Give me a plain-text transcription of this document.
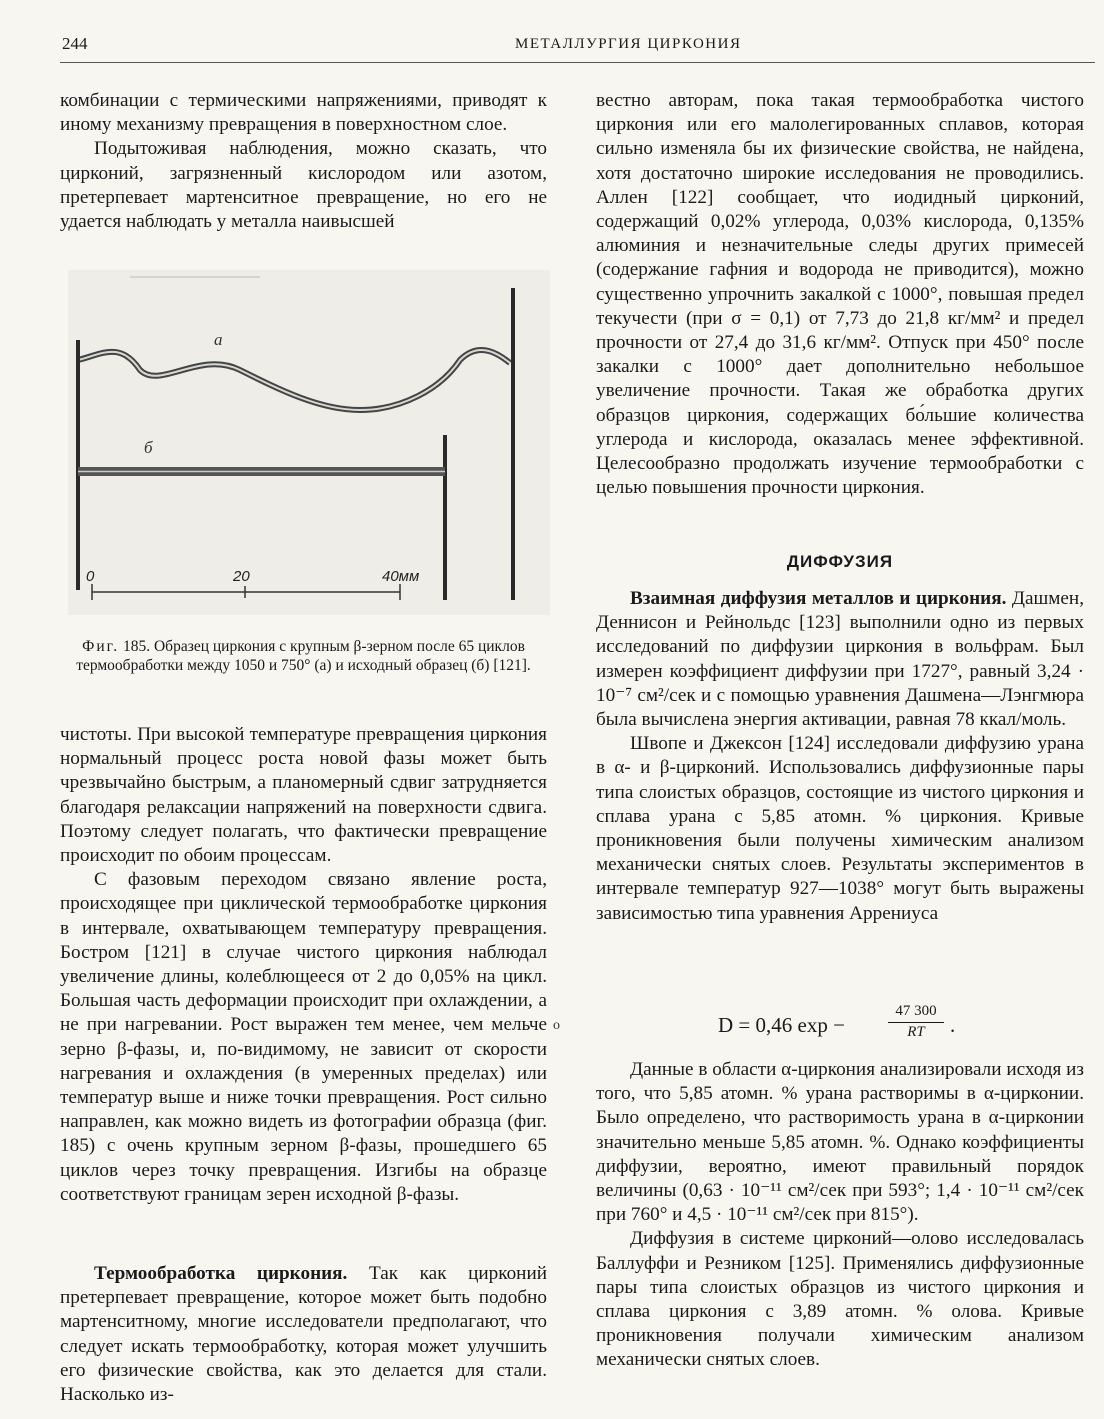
244	МЕТАЛЛУРГИЯ ЦИРКОНИЯ

комбинации с термическими напряжениями, приводят к иному механизму превращения в поверхностном слое.

Подытоживая наблюдения, можно сказать, что цирконий, загрязненный кислородом или азотом, претерпевает мартенситное превращение, но его не удается наблюдать у металла наивысшей

а
б
0	20	40мм
Фиг. 185. Образец циркония с крупным β-зерном после 65 циклов термообработки между 1050 и 750° (а) и исходный образец (б) [121].

чистоты. При высокой температуре превращения циркония нормальный процесс роста новой фазы может быть чрезвычайно быстрым, а планомерный сдвиг затрудняется благодаря релаксации напряжений на поверхности сдвига. Поэтому следует полагать, что фактически превращение происходит по обоим процессам.

С фазовым переходом связано явление роста, происходящее при циклической термообработке циркония в интервале, охватывающем температуру превращения. Бостром [121] в случае чистого циркония наблюдал увеличение длины, колеблющееся от 2 до 0,05% на цикл. Большая часть деформации происходит при охлаждении, а не при нагревании. Рост выражен тем менее, чем мельче зерно β-фазы, и, по-видимому, не зависит от скорости нагревания и охлаждения (в умеренных пределах) или температур выше и ниже точки превращения. Рост сильно направлен, как можно видеть из фотографии образца (фиг. 185) с очень крупным зерном β-фазы, прошедшего 65 циклов через точку превращения. Изгибы на образце соответствуют границам зерен исходной β-фазы.

Термообработка циркония. Так как цирконий претерпевает превращение, которое может быть подобно мартенситному, многие исследователи предполагают, что следует искать термообработку, которая может улучшить его физические свойства, как это делается для стали. Насколько из-

o

вестно авторам, пока такая термообработка чистого циркония или его малолегированных сплавов, которая сильно изменяла бы их физические свойства, не найдена, хотя достаточно широкие исследования не проводились. Аллен [122] сообщает, что иодидный цирконий, содержащий 0,02% углерода, 0,03% кислорода, 0,135% алюминия и незначительные следы других примесей (содержание гафния и водорода не приводится), можно существенно упрочнить закалкой с 1000°, повышая предел текучести (при σ = 0,1) от 7,73 до 21,8 кг/мм² и предел прочности от 27,4 до 31,6 кг/мм². Отпуск при 450° после закалки с 1000° дает дополнительно небольшое увеличение прочности. Такая же обработка других образцов циркония, содержащих бо́льшие количества углерода и кислорода, оказалась менее эффективной. Целесообразно продолжать изучение термообработки с целью повышения прочности циркония.

ДИФФУЗИЯ

Взаимная диффузия металлов и циркония. Дашмен, Деннисон и Рейнольдс [123] выполнили одно из первых исследований по диффузии циркония в вольфрам. Был измерен коэффициент диффузии при 1727°, равный 3,24 · 10⁻⁷ см²/сек и с помощью уравнения Дашмена—Лэнгмюра была вычислена энергия активации, равная 78 ккал/моль.

Швопе и Джексон [124] исследовали диффузию урана в α- и β-цирконий. Использовались диффузионные пары типа слоистых образцов, состоящие из чистого циркония и сплава урана с 5,85 атомн. % циркония. Кривые проникновения были получены химическим анализом механически снятых слоев. Результаты экспериментов в интервале температур 927—1038° могут быть выражены зависимостью типа уравнения Аррениуса

D = 0,46 exp −	$\frac{47 300}{RT}$ .

Данные в области α-циркония анализировали исходя из того, что 5,85 атомн. % урана растворимы в α-цирконии. Было определено, что растворимость урана в α-цирконии значительно меньше 5,85 атомн. %. Однако коэффициенты диффузии, вероятно, имеют правильный порядок величины (0,63 · 10⁻¹¹ см²/сек при 593°; 1,4 · 10⁻¹¹ см²/сек при 760° и 4,5 · 10⁻¹¹ см²/сек при 815°).

Диффузия в системе цирконий—олово исследовалась Баллуффи и Резником [125]. Применялись диффузионные пары типа слоистых образцов из чистого циркония и сплава циркония с 3,89 атомн. % олова. Кривые проникновения получали химическим анализом механически снятых слоев.
